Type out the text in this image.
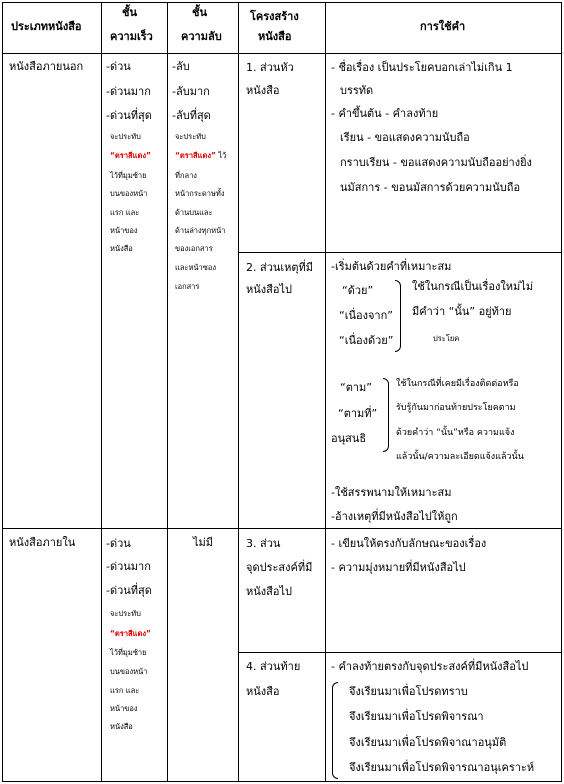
ประเภทหนังสือ
ชั้น
ความเร็ว
ชั้น
ความลับ
โครงสร้าง
หนังสือ
การใช้คำ
หนังสือภายนอก -ด่วน
-ด่วนมาก
-ด่วนที่สุด
จะประทับ
“ตราสีแดง”
ไว้ที่มุมซ้าย
บนของหน้า
แรก และ
หน้าของ
หนังสือ
-ลับ
-ลับมาก
-ลับที่สุด
จะประทับ
“ตราสีแดง” ไว้
ที่กลาง
หน้ากระดาษทั้ง
ด้านบนและ
ด้านล่างทุกหน้า
ของเอกสาร
และหน้าซอง
เอกสาร
1. ส่วนหัว
หนังสือ
- ชื่อเรื่อง เป็นประโยคบอกเล่าไม่เกิน 1
บรรทัด
- คำขึ้นต้น - คำลงท้าย
เรียน - ขอแสดงความนับถือ
กราบเรียน - ขอแสดงความนับถืออย่างยิ่ง
นมัสการ - ขอนมัสการด้วยความนับถือ
2. ส่วนเหตุที่มี
หนังสือไป
-เริ่มต้นด้วยคำที่เหมาะสม
“ด้วย”
“เนื่องจาก”
“เนื่องด้วย”
ใช้ในกรณีเป็นเรื่องใหม่ไม่
มีคำว่า “นั้น” อยู่ท้าย
ประโยค
“ตาม”
“ตามที่”
อนุสนธิ
ใช้ในกรณีที่เคยมีเรื่องติดต่อหรือ
รับรู้กันมาก่อนท้ายประโยคตาม
ด้วยคำว่า “นั้น”หรือ ความแจ้ง
แล้วนั้น/ความละเอียดแจ้งแล้วนั้น
-ใช้สรรพนามให้เหมาะสม
-อ้างเหตุที่มีหนังสือไปให้ถูก
หนังสือภายใน	-ด่วน
-ด่วนมาก
-ด่วนที่สุด
จะประทับ
“ตราสีแดง”
ไว้ที่มุมซ้าย
บนของหน้า
แรก และ
หน้าของ
หนังสือ
ไม่มี	3. ส่วน
จุดประสงค์ที่มี
หนังสือไป
- เขียนให้ตรงกับลักษณะของเรื่อง
- ความมุ่งหมายที่มีหนังสือไป
4. ส่วนท้าย
หนังสือ
- คำลงท้ายตรงกับจุดประสงค์ที่มีหนังสือไป
จึงเรียนมาเพื่อโปรดทราบ
จึงเรียนมาเพื่อโปรดพิจารณา
จึงเรียนมาเพื่อโปรดพิจาณาอนุมัติ
จึงเรียนมาเพื่อโปรดพิจารณาอนุเคราะห์
